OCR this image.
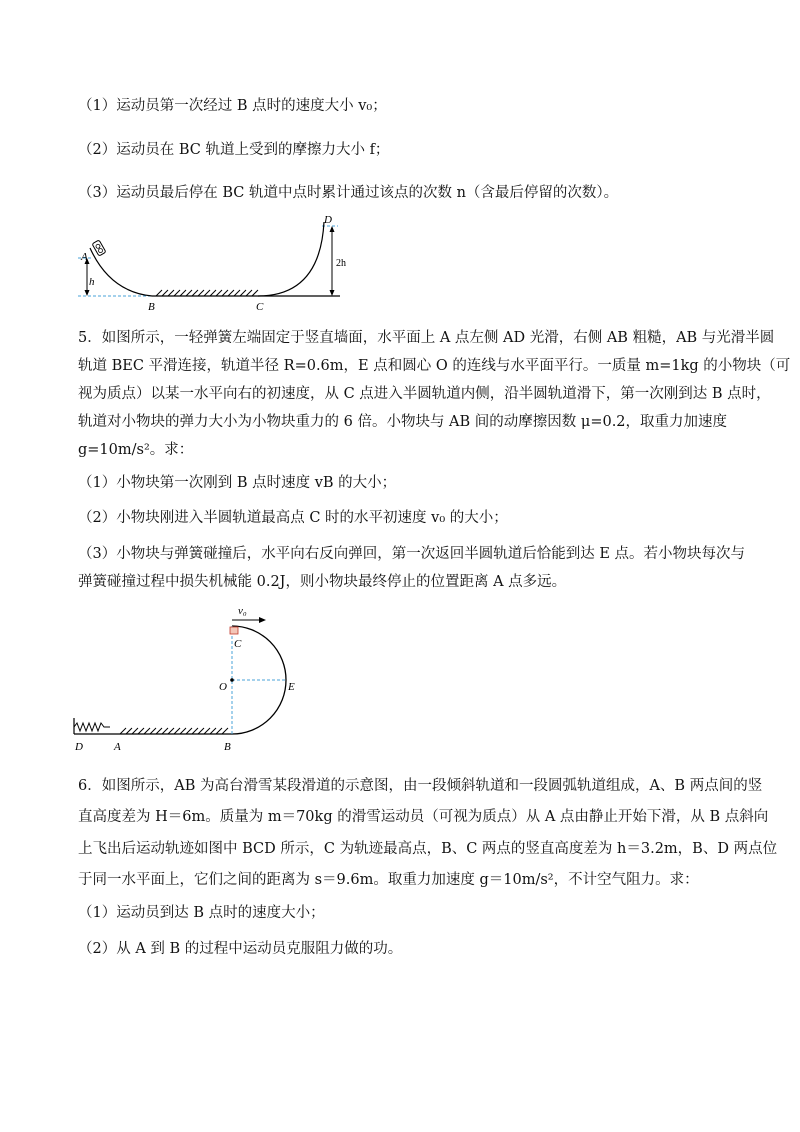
（1）运动员第一次经过 B 点时的速度大小 v₀；
（2）运动员在 BC 轨道上受到的摩擦力大小 f；
（3）运动员最后停在 BC 轨道中点时累计通过该点的次数 n（含最后停留的次数）。
A
h
B	C
D
2h
5．如图所示，一轻弹簧左端固定于竖直墙面，水平面上 A 点左侧 AD 光滑，右侧 AB 粗糙，AB 与光滑半圆
轨道 BEC 平滑连接，轨道半径 R=0.6m，E 点和圆心 O 的连线与水平面平行。一质量 m=1kg 的小物块（可
视为质点）以某一水平向右的初速度，从 C 点进入半圆轨道内侧，沿半圆轨道滑下，第一次刚到达 B 点时，
轨道对小物块的弹力大小为小物块重力的 6 倍。小物块与 AB 间的动摩擦因数 μ=0.2，取重力加速度
g=10m/s²。求：
（1）小物块第一次刚到 B 点时速度 vB 的大小；
（2）小物块刚进入半圆轨道最高点 C 时的水平初速度 v₀ 的大小；
（3）小物块与弹簧碰撞后，水平向右反向弹回，第一次返回半圆轨道后恰能到达 E 点。若小物块每次与
弹簧碰撞过程中损失机械能 0.2J，则小物块最终停止的位置距离 A 点多远。
v₀
C
O	E
D	A	B
6．如图所示，AB 为高台滑雪某段滑道的示意图，由一段倾斜轨道和一段圆弧轨道组成，A、B 两点间的竖
直高度差为 H＝6m。质量为 m＝70kg 的滑雪运动员（可视为质点）从 A 点由静止开始下滑，从 B 点斜向
上飞出后运动轨迹如图中 BCD 所示，C 为轨迹最高点，B、C 两点的竖直高度差为 h＝3.2m，B、D 两点位
于同一水平面上，它们之间的距离为 s＝9.6m。取重力加速度 g＝10m/s²，不计空气阻力。求：
（1）运动员到达 B 点时的速度大小；
（2）从 A 到 B 的过程中运动员克服阻力做的功。
